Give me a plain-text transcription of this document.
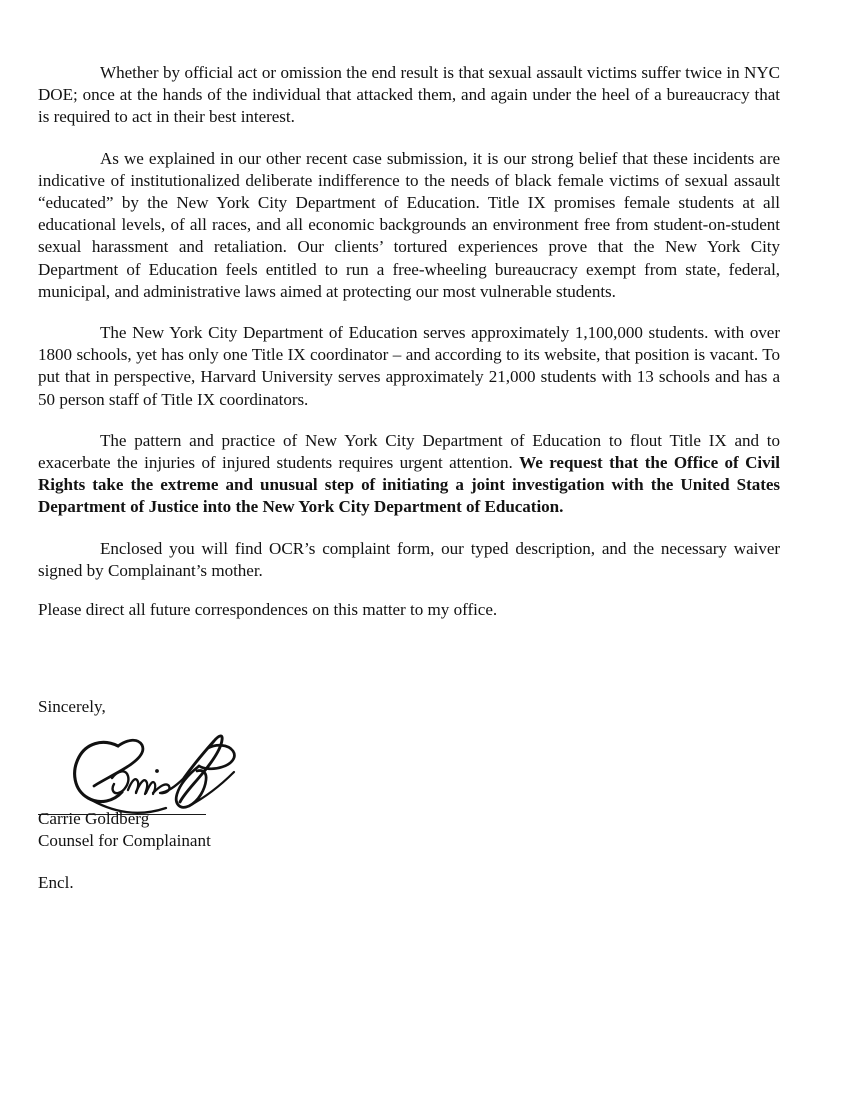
Whether by official act or omission the end result is that sexual assault victims suffer twice in NYC DOE; once at the hands of the individual that attacked them, and again under the heel of a bureaucracy that is required to act in their best interest.

As we explained in our other recent case submission, it is our strong belief that these incidents are indicative of institutionalized deliberate indifference to the needs of black female victims of sexual assault “educated” by the New York City Department of Education. Title IX promises female students at all educational levels, of all races, and all economic backgrounds an environment free from student-on-student sexual harassment and retaliation. Our clients’ tortured experiences prove that the New York City Department of Education feels entitled to run a free-wheeling bureaucracy exempt from state, federal, municipal, and administrative laws aimed at protecting our most vulnerable students.

The New York City Department of Education serves approximately 1,100,000 students. with over 1800 schools, yet has only one Title IX coordinator – and according to its website, that position is vacant. To put that in perspective, Harvard University serves approximately 21,000 students with 13 schools and has a 50 person staff of Title IX coordinators.

The pattern and practice of New York City Department of Education to flout Title IX and to exacerbate the injuries of injured students requires urgent attention. We request that the Office of Civil Rights take the extreme and unusual step of initiating a joint investigation with the United States Department of Justice into the New York City Department of Education.

Enclosed you will find OCR’s complaint form, our typed description, and the necessary waiver signed by Complainant’s mother.

Please direct all future correspondences on this matter to my office.

Sincerely,
Carrie Goldberg
Counsel for Complainant
Encl.
